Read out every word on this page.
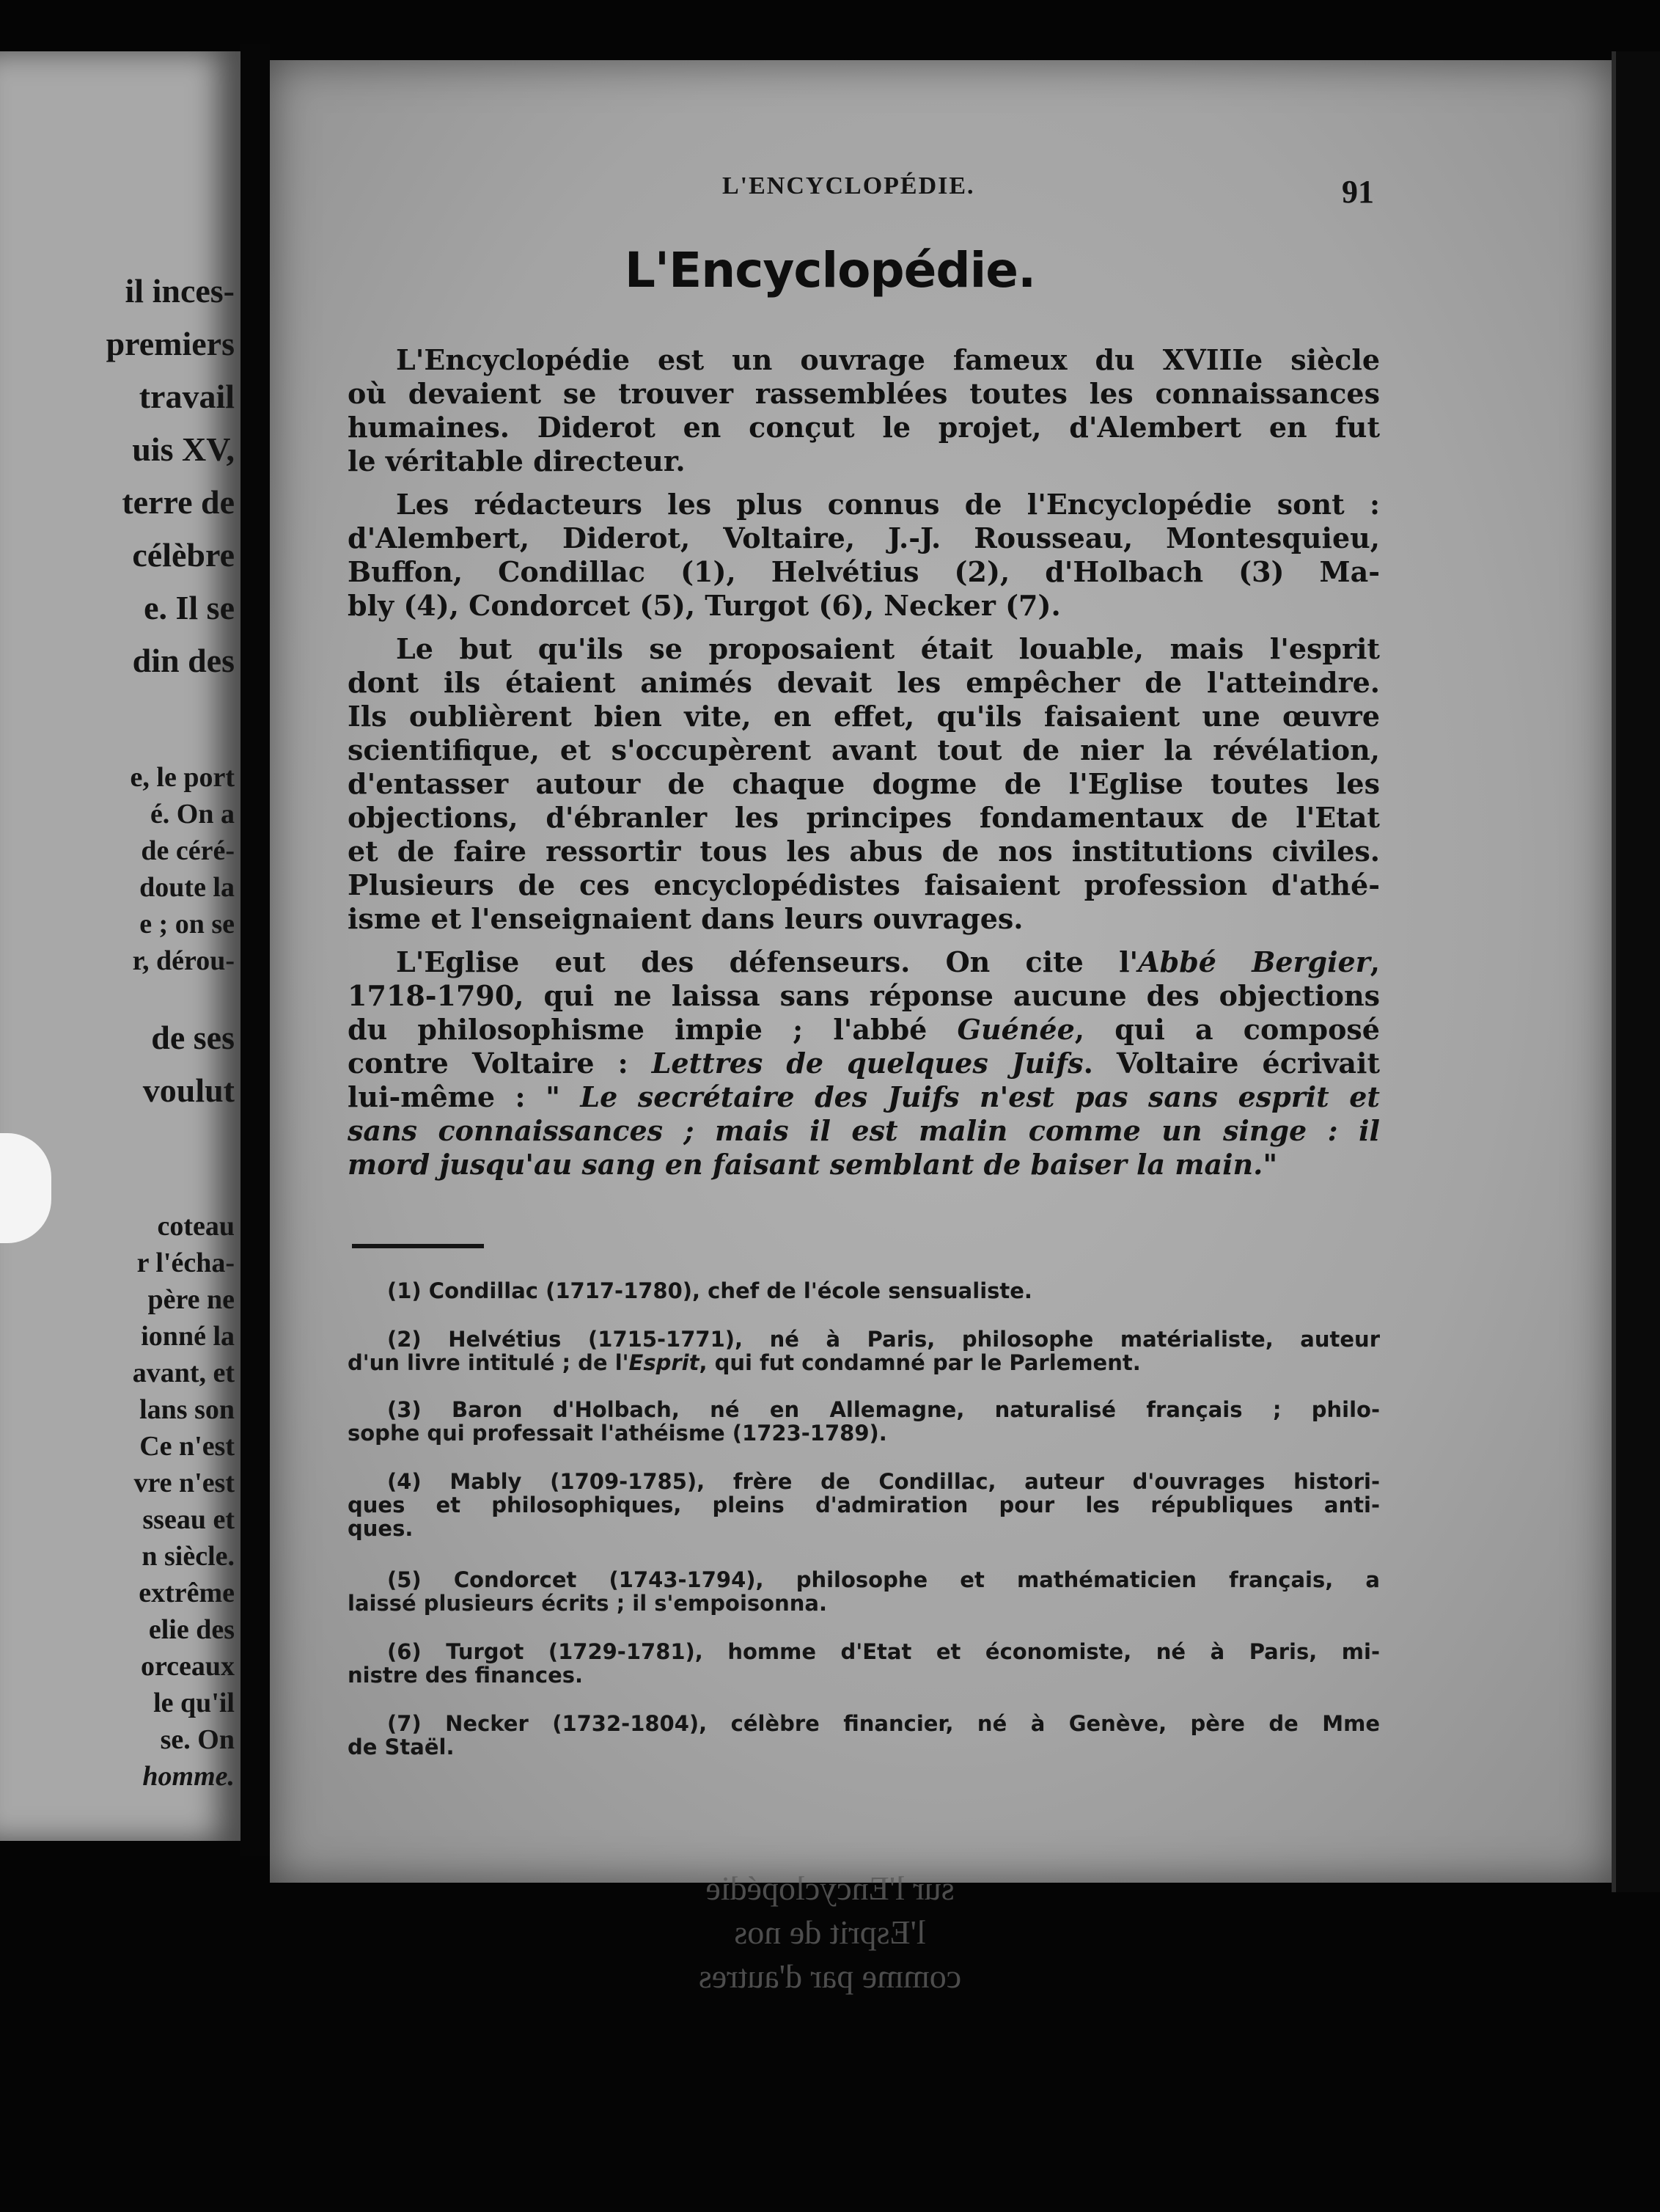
il inces-
premiers
travail
uis XV,
terre de
célèbre
e. Il se
din des
e, le port
é. On a
de céré-
doute la
e ; on se
r, dérou-
de ses
voulut
coteau
r l'écha-
père ne
ionné la
avant, et
lans son
Ce n'est
vre n'est
sseau et
n siècle.
extrême
elie des
orceaux
le qu'il
se. On
homme.
L'ENCYCLOPÉDIE.	91
L'Encyclopédie.

L'Encyclopédie est un ouvrage fameux du XVIIIe siècle

où devaient se trouver rassemblées toutes les connaissances

humaines. Diderot en conçut le projet, d'Alembert en fut

le véritable directeur.

Les rédacteurs les plus connus de l'Encyclopédie sont :

d'Alembert, Diderot, Voltaire, J.-J. Rousseau, Montesquieu,

Buffon, Condillac (1), Helvétius (2), d'Holbach (3) Ma-

bly (4), Condorcet (5), Turgot (6), Necker (7).

Le but qu'ils se proposaient était louable, mais l'esprit

dont ils étaient animés devait les empêcher de l'atteindre.

Ils oublièrent bien vite, en effet, qu'ils faisaient une œuvre

scientifique, et s'occupèrent avant tout de nier la révélation,

d'entasser autour de chaque dogme de l'Eglise toutes les

objections, d'ébranler les principes fondamentaux de l'Etat

et de faire ressortir tous les abus de nos institutions civiles.

Plusieurs de ces encyclopédistes faisaient profession d'athé-

isme et l'enseignaient dans leurs ouvrages.

L'Eglise eut des défenseurs. On cite l'Abbé Bergier,

1718-1790, qui ne laissa sans réponse aucune des objections

du philosophisme impie ; l'abbé Guénée, qui a composé

contre Voltaire : Lettres de quelques Juifs. Voltaire écrivait

lui-même : " Le secrétaire des Juifs n'est pas sans esprit et

sans connaissances ; mais il est malin comme un singe : il

mord jusqu'au sang en faisant semblant de baiser la main."

(1) Condillac (1717-1780), chef de l'école sensualiste.

(2) Helvétius (1715-1771), né à Paris, philosophe matérialiste, auteur

d'un livre intitulé ; de l'Esprit, qui fut condamné par le Parlement.

(3) Baron d'Holbach, né en Allemagne, naturalisé français ; philo-

sophe qui professait l'athéisme (1723-1789).

(4) Mably (1709-1785), frère de Condillac, auteur d'ouvrages histori-

ques et philosophiques, pleins d'admiration pour les républiques anti-

ques.

(5) Condorcet (1743-1794), philosophe et mathématicien français, a

laissé plusieurs écrits ; il s'empoisonna.

(6) Turgot (1729-1781), homme d'Etat et économiste, né à Paris, mi-

nistre des finances.

(7) Necker (1732-1804), célèbre financier, né à Genève, père de Mme

de Staël.

sur l'Encyclopédie
l'Esprit de nos
comme par d'autres
